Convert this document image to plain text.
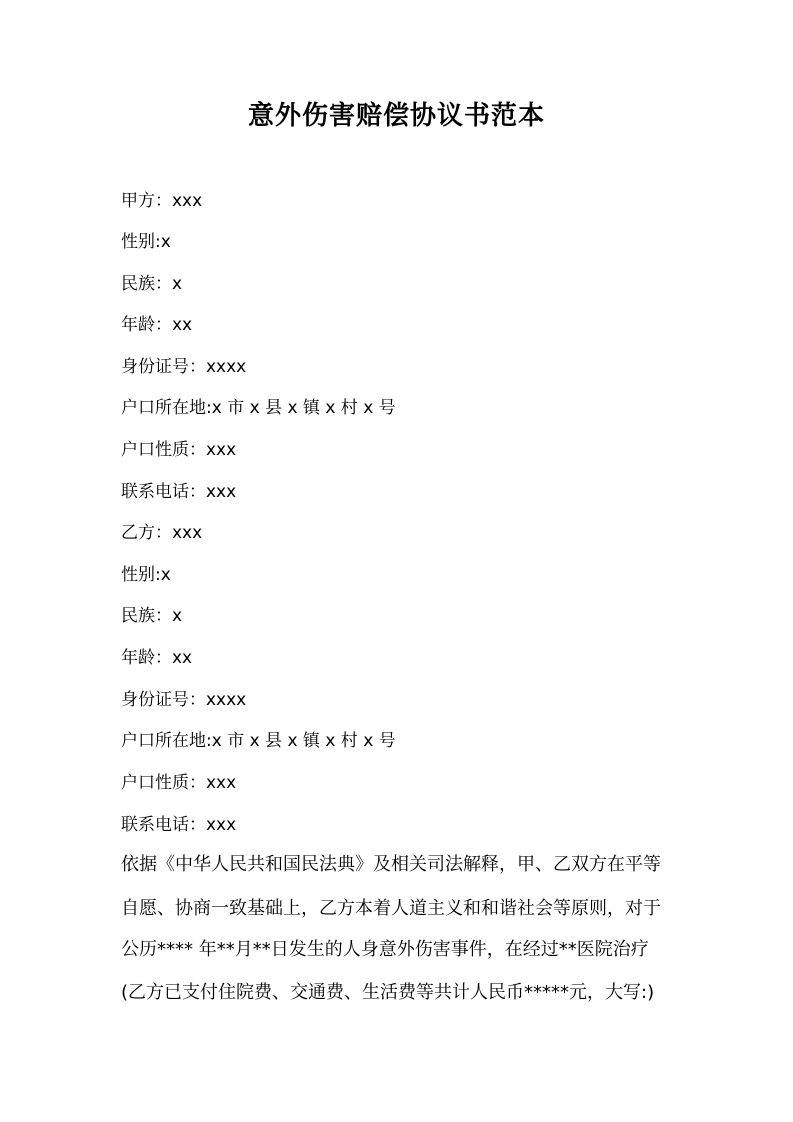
意外伤害赔偿协议书范本
甲方：xxx
性别:x
民族：x
年龄：xx
身份证号：xxxx
户口所在地:x 市 x 县 x 镇 x 村 x 号
户口性质：xxx
联系电话：xxx
乙方：xxx
性别:x
民族：x
年龄：xx
身份证号：xxxx
户口所在地:x 市 x 县 x 镇 x 村 x 号
户口性质：xxx
联系电话：xxx
依据《中华人民共和国民法典》及相关司法解释，甲、乙双方在平等
自愿、协商一致基础上，乙方本着人道主义和和谐社会等原则，对于
公历**** 年**月**日发生的人身意外伤害事件，在经过**医院治疗
(乙方已支付住院费、交通费、生活费等共计人民币*****元，大写:)
